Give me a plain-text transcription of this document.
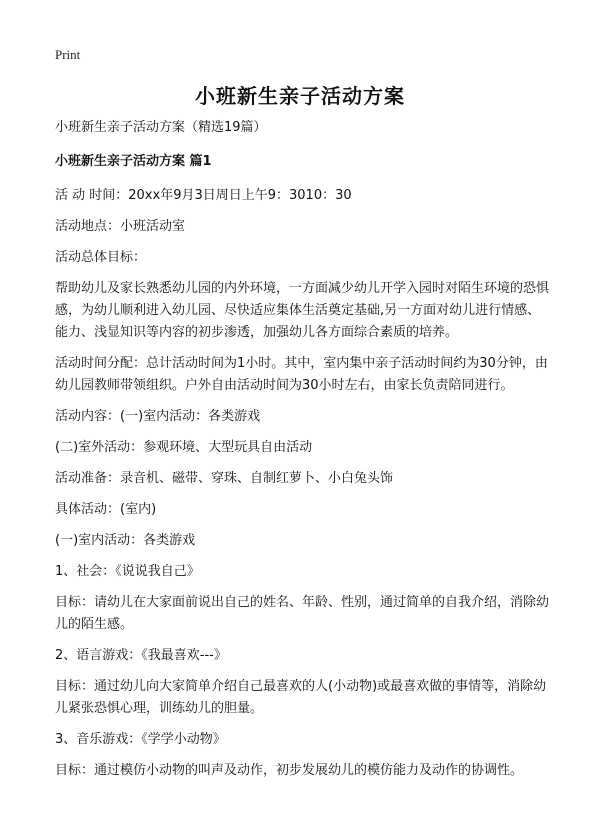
Print
小班新生亲子活动方案

小班新生亲子活动方案（精选19篇）

小班新生亲子活动方案 篇1

活 动 时间：20xx年9月3日周日上午9：3010：30

活动地点：小班活动室

活动总体目标：

帮助幼儿及家长熟悉幼儿园的内外环境，一方面减少幼儿开学入园时对陌生环境的恐惧感，为幼儿顺利进入幼儿园、尽快适应集体生活奠定基础,另一方面对幼儿进行情感、能力、浅显知识等内容的初步渗透，加强幼儿各方面综合素质的培养。

活动时间分配：总计活动时间为1小时。其中，室内集中亲子活动时间约为30分钟，由幼儿园教师带领组织。户外自由活动时间为30小时左右，由家长负责陪同进行。

活动内容：(一)室内活动：各类游戏

(二)室外活动：参观环境、大型玩具自由活动

活动准备：录音机、磁带、穿珠、自制红萝卜、小白兔头饰

具体活动：(室内)

(一)室内活动：各类游戏

1、社会：《说说我自己》

目标：请幼儿在大家面前说出自己的姓名、年龄、性别，通过简单的自我介绍，消除幼儿的陌生感。

2、语言游戏：《我最喜欢---》

目标：通过幼儿向大家简单介绍自己最喜欢的人(小动物)或最喜欢做的事情等，消除幼儿紧张恐惧心理，训练幼儿的胆量。

3、音乐游戏：《学学小动物》

目标：通过模仿小动物的叫声及动作，初步发展幼儿的模仿能力及动作的协调性。
